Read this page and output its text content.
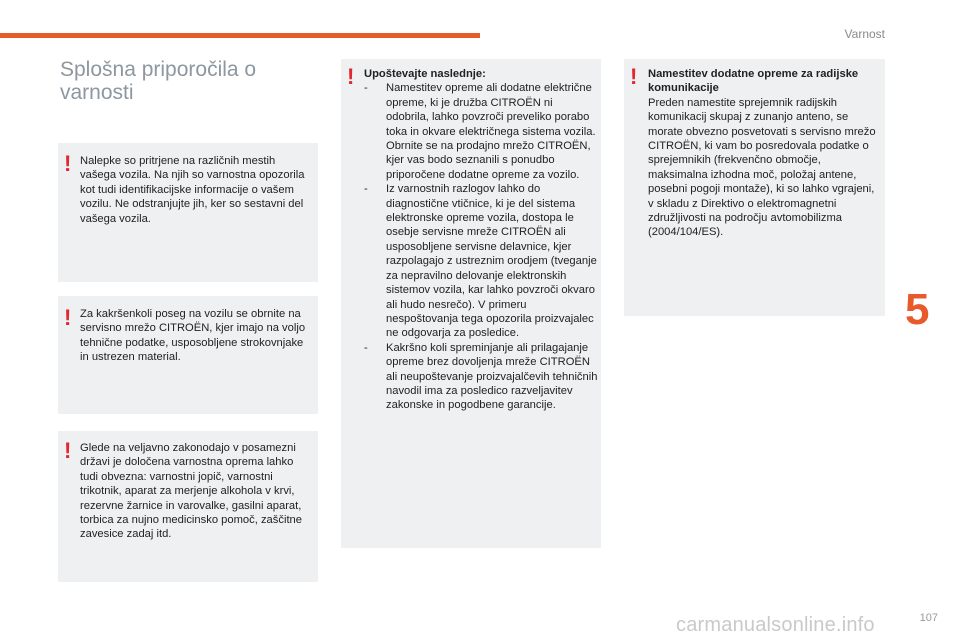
Varnost
Splošna priporočila o varnosti
! Nalepke so pritrjene na različnih mestih vašega vozila. Na njih so varnostna opozorila kot tudi identifikacijske informacije o vašem vozilu. Ne odstranjujte jih, ker so sestavni del vašega vozila.

! Za kakršenkoli poseg na vozilu se obrnite na servisno mrežo CITROËN, kjer imajo na voljo tehnične podatke, usposobljene strokovnjake in ustrezen material.

! Glede na veljavno zakonodajo v posamezni državi je določena varnostna oprema lahko tudi obvezna: varnostni jopič, varnostni trikotnik, aparat za merjenje alkohola v krvi, rezervne žarnice in varovalke, gasilni aparat, torbica za nujno medicinsko pomoč, zaščitne zavesice zadaj itd.

! Upoštevajte naslednje:

- Namestitev opreme ali dodatne električne opreme, ki je družba CITROËN ni odobrila, lahko povzroči preveliko porabo toka in okvare električnega sistema vozila. Obrnite se na prodajno mrežo CITROËN, kjer vas bodo seznanili s ponudbo priporočene dodatne opreme za vozilo.
- Iz varnostnih razlogov lahko do diagnostične vtičnice, ki je del sistema elektronske opreme vozila, dostopa le osebje servisne mreže CITROËN ali usposobljene servisne delavnice, kjer razpolagajo z ustreznim orodjem (tveganje za nepravilno delovanje elektronskih sistemov vozila, kar lahko povzroči okvaro ali hudo nesrečo). V primeru nespoštovanja tega opozorila proizvajalec ne odgovarja za posledice.
- Kakršno koli spreminjanje ali prilagajanje opreme brez dovoljenja mreže CITROËN ali neupoštevanje proizvajalčevih tehničnih navodil ima za posledico razveljavitev zakonske in pogodbene garancije.
! Namestitev dodatne opreme za radijske komunikacije

Preden namestite sprejemnik radijskih komunikacij skupaj z zunanjo anteno, se morate obvezno posvetovati s servisno mrežo CITROËN, ki vam bo posredovala podatke o sprejemnikih (frekvenčno območje, maksimalna izhodna moč, položaj antene, posebni pogoji montaže), ki so lahko vgrajeni, v skladu z Direktivo o elektromagnetni združljivosti na področju avtomobilizma (2004/104/ES).

5
carmanualsonline.info	107
